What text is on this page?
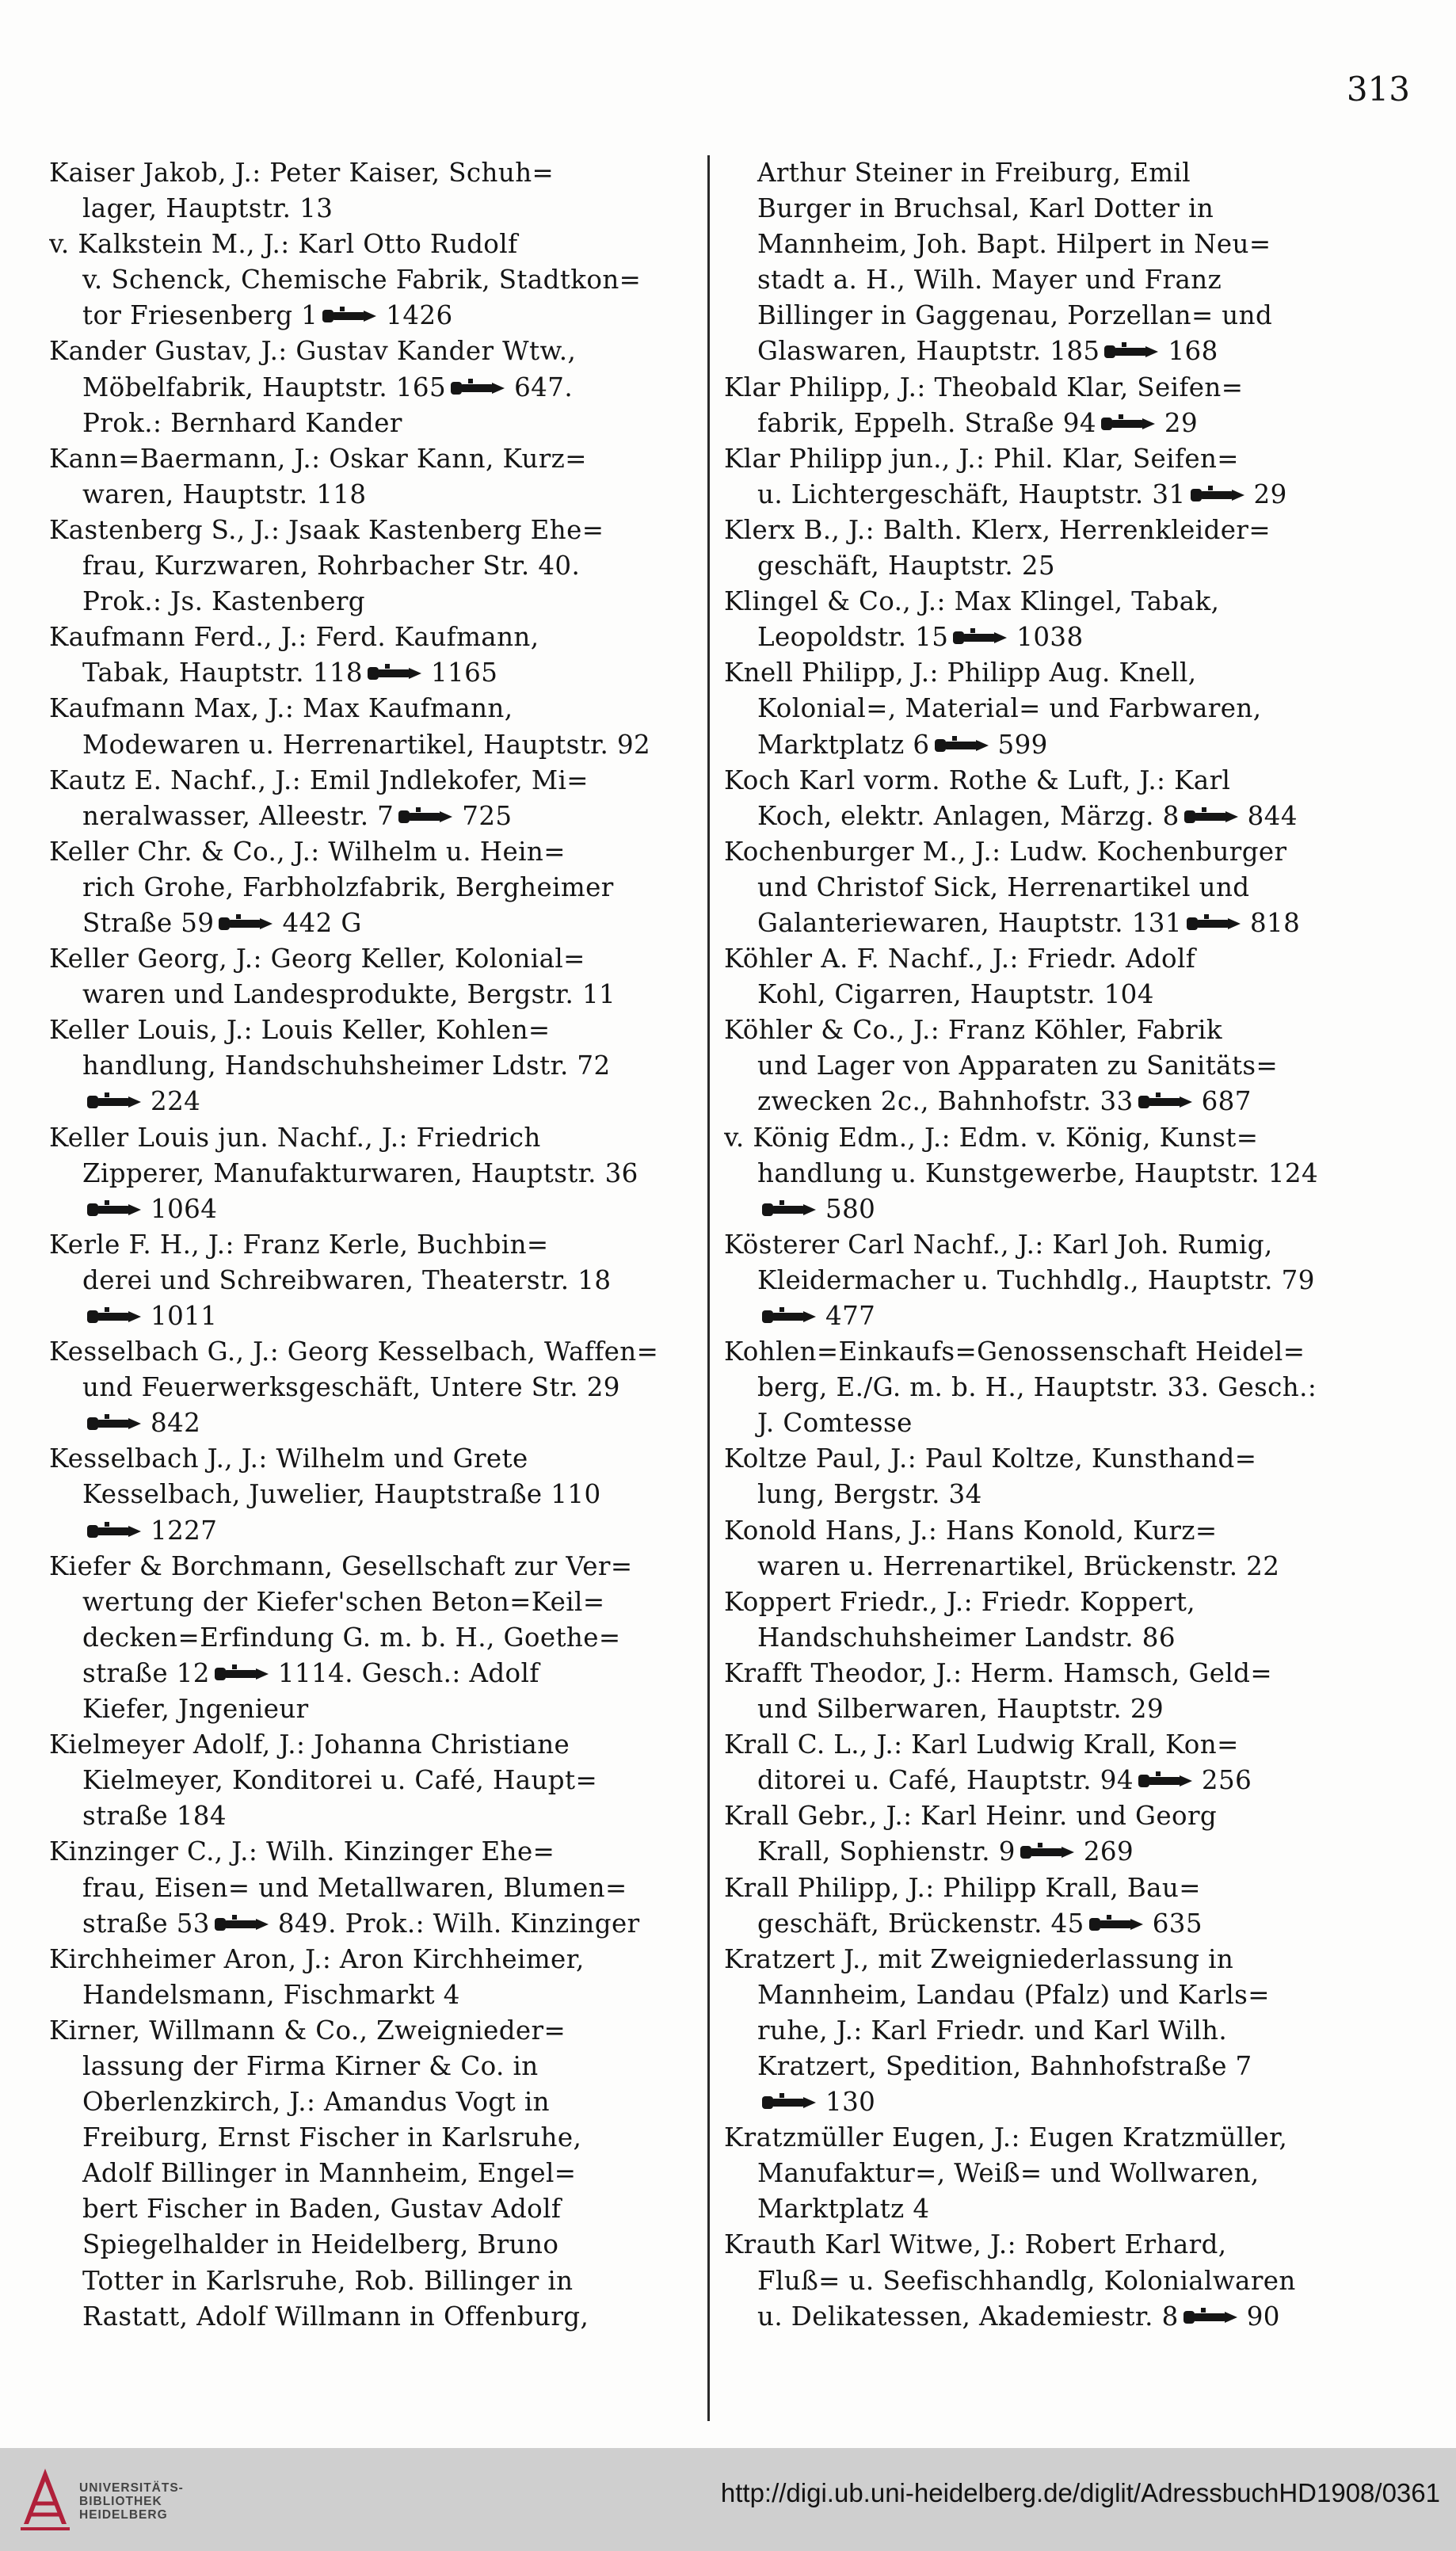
313
Kaiser Jakob, J.: Peter Kaiser, Schuh=
lager, Hauptstr. 13
v. Kalkstein M., J.: Karl Otto Rudolf
v. Schenck, Chemische Fabrik, Stadtkon=
tor Friesenberg 1	1426
Kander Gustav, J.: Gustav Kander Wtw.,
Möbelfabrik, Hauptstr. 165	647.
Prok.: Bernhard Kander
Kann=Baermann, J.: Oskar Kann, Kurz=
waren, Hauptstr. 118
Kastenberg S., J.: Jsaak Kastenberg Ehe=
frau, Kurzwaren, Rohrbacher Str. 40.
Prok.: Js. Kastenberg
Kaufmann Ferd., J.: Ferd. Kaufmann,
Tabak, Hauptstr. 118	1165
Kaufmann Max, J.: Max Kaufmann,
Modewaren u. Herrenartikel, Hauptstr. 92
Kautz E. Nachf., J.: Emil Jndlekofer, Mi=
neralwasser, Alleestr. 7	725
Keller Chr. & Co., J.: Wilhelm u. Hein=
rich Grohe, Farbholzfabrik, Bergheimer
Straße 59	442 G
Keller Georg, J.: Georg Keller, Kolonial=
waren und Landesprodukte, Bergstr. 11
Keller Louis, J.: Louis Keller, Kohlen=
handlung, Handschuhsheimer Ldstr. 72
224
Keller Louis jun. Nachf., J.: Friedrich
Zipperer, Manufakturwaren, Hauptstr. 36
1064
Kerle F. H., J.: Franz Kerle, Buchbin=
derei und Schreibwaren, Theaterstr. 18
1011
Kesselbach G., J.: Georg Kesselbach, Waffen=
und Feuerwerksgeschäft, Untere Str. 29
842
Kesselbach J., J.: Wilhelm und Grete
Kesselbach, Juwelier, Hauptstraße 110
1227
Kiefer & Borchmann, Gesellschaft zur Ver=
wertung der Kiefer'schen Beton=Keil=
decken=Erfindung G. m. b. H., Goethe=
straße 12	1114. Gesch.: Adolf
Kiefer, Jngenieur
Kielmeyer Adolf, J.: Johanna Christiane
Kielmeyer, Konditorei u. Café, Haupt=
straße 184
Kinzinger C., J.: Wilh. Kinzinger Ehe=
frau, Eisen= und Metallwaren, Blumen=
straße 53	849. Prok.: Wilh. Kinzinger
Kirchheimer Aron, J.: Aron Kirchheimer,
Handelsmann, Fischmarkt 4
Kirner, Willmann & Co., Zweignieder=
lassung der Firma Kirner & Co. in
Oberlenzkirch, J.: Amandus Vogt in
Freiburg, Ernst Fischer in Karlsruhe,
Adolf Billinger in Mannheim, Engel=
bert Fischer in Baden, Gustav Adolf
Spiegelhalder in Heidelberg, Bruno
Totter in Karlsruhe, Rob. Billinger in
Rastatt, Adolf Willmann in Offenburg,
Arthur Steiner in Freiburg, Emil
Burger in Bruchsal, Karl Dotter in
Mannheim, Joh. Bapt. Hilpert in Neu=
stadt a. H., Wilh. Mayer und Franz
Billinger in Gaggenau, Porzellan= und
Glaswaren, Hauptstr. 185	168
Klar Philipp, J.: Theobald Klar, Seifen=
fabrik, Eppelh. Straße 94	29
Klar Philipp jun., J.: Phil. Klar, Seifen=
u. Lichtergeschäft, Hauptstr. 31	29
Klerx B., J.: Balth. Klerx, Herrenkleider=
geschäft, Hauptstr. 25
Klingel & Co., J.: Max Klingel, Tabak,
Leopoldstr. 15	1038
Knell Philipp, J.: Philipp Aug. Knell,
Kolonial=, Material= und Farbwaren,
Marktplatz 6	599
Koch Karl vorm. Rothe & Luft, J.: Karl
Koch, elektr. Anlagen, Märzg. 8	844
Kochenburger M., J.: Ludw. Kochenburger
und Christof Sick, Herrenartikel und
Galanteriewaren, Hauptstr. 131	818
Köhler A. F. Nachf., J.: Friedr. Adolf
Kohl, Cigarren, Hauptstr. 104
Köhler & Co., J.: Franz Köhler, Fabrik
und Lager von Apparaten zu Sanitäts=
zwecken 2c., Bahnhofstr. 33	687
v. König Edm., J.: Edm. v. König, Kunst=
handlung u. Kunstgewerbe, Hauptstr. 124
580
Kösterer Carl Nachf., J.: Karl Joh. Rumig,
Kleidermacher u. Tuchhdlg., Hauptstr. 79
477
Kohlen=Einkaufs=Genossenschaft Heidel=
berg, E./G. m. b. H., Hauptstr. 33. Gesch.:
J. Comtesse
Koltze Paul, J.: Paul Koltze, Kunsthand=
lung, Bergstr. 34
Konold Hans, J.: Hans Konold, Kurz=
waren u. Herrenartikel, Brückenstr. 22
Koppert Friedr., J.: Friedr. Koppert,
Handschuhsheimer Landstr. 86
Krafft Theodor, J.: Herm. Hamsch, Geld=
und Silberwaren, Hauptstr. 29
Krall C. L., J.: Karl Ludwig Krall, Kon=
ditorei u. Café, Hauptstr. 94	256
Krall Gebr., J.: Karl Heinr. und Georg
Krall, Sophienstr. 9	269
Krall Philipp, J.: Philipp Krall, Bau=
geschäft, Brückenstr. 45	635
Kratzert J., mit Zweigniederlassung in
Mannheim, Landau (Pfalz) und Karls=
ruhe, J.: Karl Friedr. und Karl Wilh.
Kratzert, Spedition, Bahnhofstraße 7
130
Kratzmüller Eugen, J.: Eugen Kratzmüller,
Manufaktur=, Weiß= und Wollwaren,
Marktplatz 4
Krauth Karl Witwe, J.: Robert Erhard,
Fluß= u. Seefischhandlg, Kolonialwaren
u. Delikatessen, Akademiestr. 8	90
UNIVERSITÄTS-
BIBLIOTHEK
HEIDELBERG
http://digi.ub.uni-heidelberg.de/diglit/AdressbuchHD1908/0361
